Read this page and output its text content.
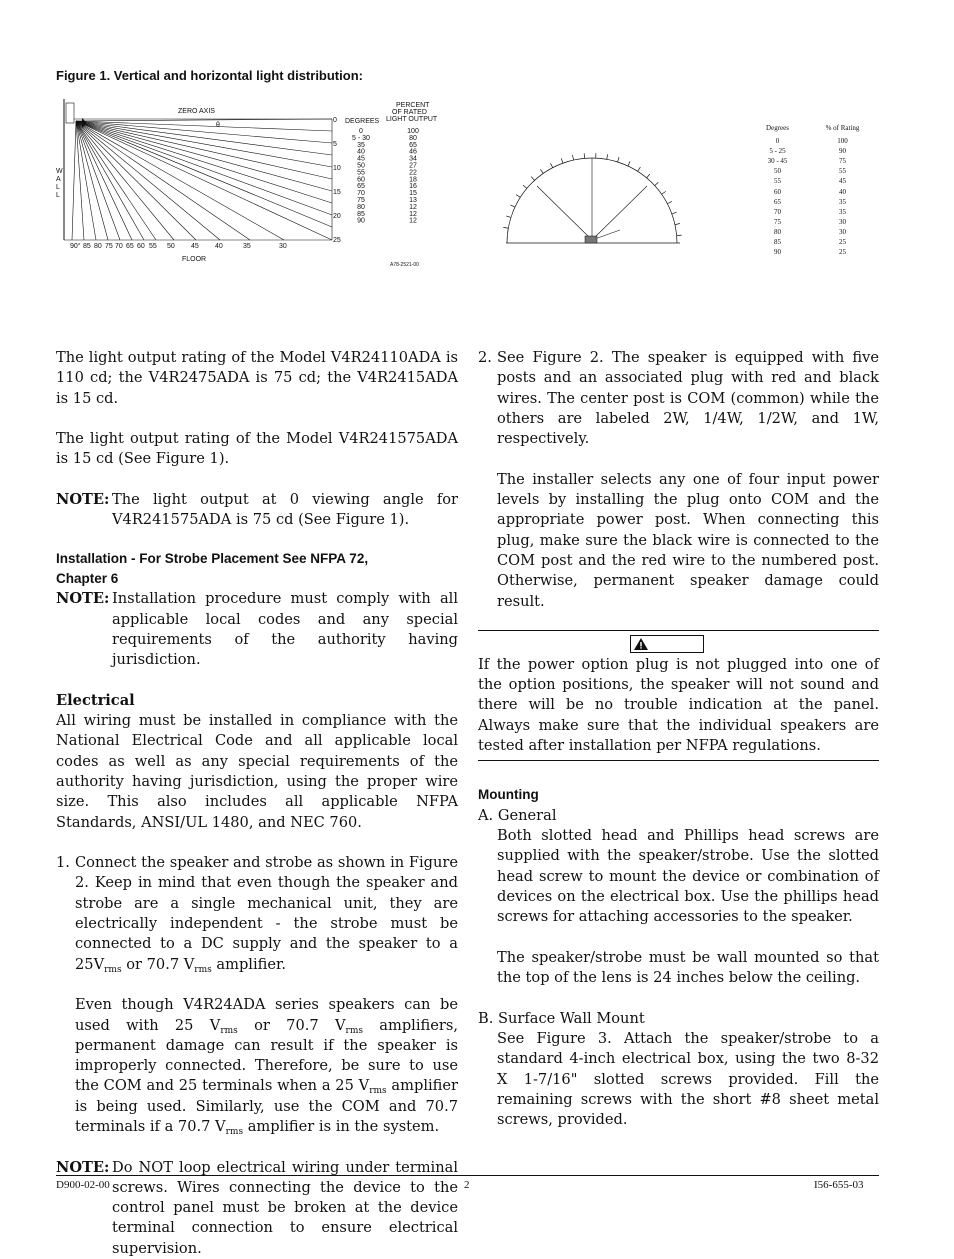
Figure 1. Vertical and horizontal light distribution:
ZERO AXIS
θ
W
A
L
L
FLOOR
0
5
10
15
20
25
90° 85 80 75 70 65 60 55 50 45 40	35	30
DEGREES
PERCENT
OF RATED
LIGHT OUTPUT
0	100
5 - 30	80
35	65
40	46
45	34
50	27
55	22
60	18
65	16
70	15
75	13
80	12
85	12
90	12
A78-2521-00
Degrees	% of Rating
0	100
5 - 25	90
30 - 45	75
50	55
55	45
60	40
65	35
70	35
75	30
80	30
85	25
90	25

The light output rating of the Model V4R24110ADA is 110 cd; the V4R2475ADA is 75 cd; the V4R2415ADA is 15 cd.

The light output rating of the Model V4R241575ADA is 15 cd (See Figure 1).

NOTE: The light output at 0 viewing angle for V4R241575ADA is 75 cd (See Figure 1).
Installation - For Strobe Placement See NFPA 72,
Chapter 6
NOTE: Installation procedure must comply with all applicable local codes and any special requirements of the authority having jurisdiction.

Electrical

All wiring must be installed in compliance with the National Electrical Code and all applicable local codes as well as any special requirements of the authority having jurisdiction, using the proper wire size. This also includes all applicable NFPA Standards, ANSI/UL 1480, and NEC 760.

1. Connect the speaker and strobe as shown in Figure 2. Keep in mind that even though the speaker and strobe are a single mechanical unit, they are electrically independent - the strobe must be connected to a DC supply and the speaker to a $25V_{rms}$ or 70.7 $V_{rms}$ amplifier.

Even though V4R24ADA series speakers can be used with 25 $V_{rms}$ or 70.7 $V_{rms}$ amplifiers, permanent damage can result if the speaker is improperly connected. Therefore, be sure to use the COM and 25 terminals when a 25 $V_{rms}$ amplifier is being used. Similarly, use the COM and 70.7 terminals if a 70.7 $V_{rms}$ amplifier is in the system.

NOTE: Do NOT loop electrical wiring under terminal screws. Wires connecting the device to the control panel must be broken at the device terminal connection to ensure electrical supervision.
2. See Figure 2. The speaker is equipped with five posts and an associated plug with red and black wires. The center post is COM (common) while the others are labeled 2W, 1/4W, 1/2W, and 1W, respectively.

The installer selects any one of four input power levels by installing the plug onto COM and the appropriate power post. When connecting this plug, make sure the black wire is connected to the COM post and the red wire to the numbered post. Otherwise, permanent speaker damage could result.

If the power option plug is not plugged into one of the option positions, the speaker will not sound and there will be no trouble indication at the panel. Always make sure that the individual speakers are tested after installation per NFPA regulations.

Mounting

A. General

Both slotted head and Phillips head screws are supplied with the speaker/strobe. Use the slotted head screw to mount the device or combination of devices on the electrical box. Use the phillips head screws for attaching accessories to the speaker.

The speaker/strobe must be wall mounted so that the top of the lens is 24 inches below the ceiling.

B. Surface Wall Mount

See Figure 3. Attach the speaker/strobe to a standard 4-inch electrical box, using the two 8-32 X 1-7/16" slotted screws provided. Fill the remaining screws with the short #8 sheet metal screws, provided.

D900-02-00	2	I56-655-03
